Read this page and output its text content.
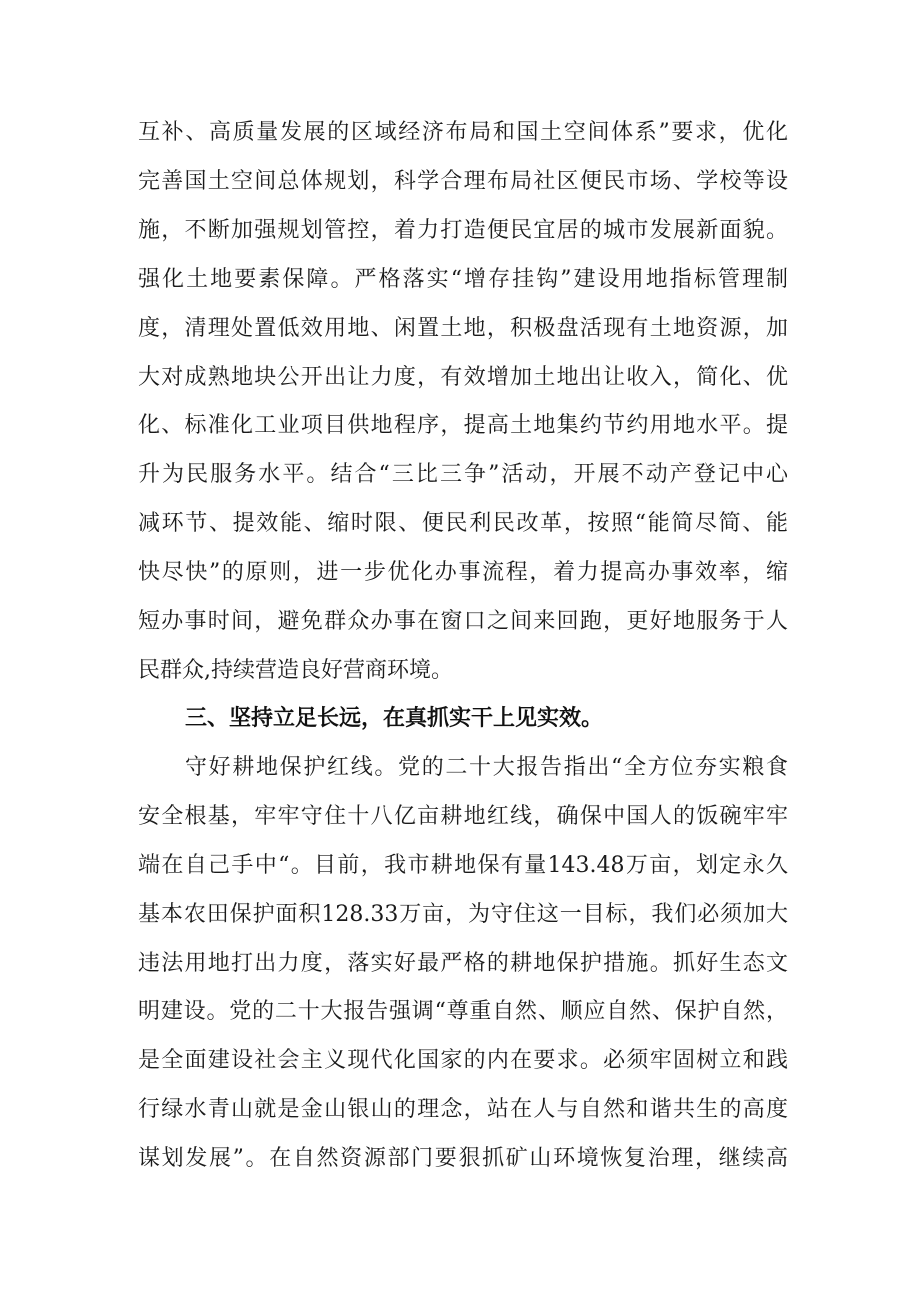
互补、高质量发展的区域经济布局和国土空间体系”要求，优化
完善国土空间总体规划，科学合理布局社区便民市场、学校等设
施，不断加强规划管控，着力打造便民宜居的城市发展新面貌。
强化土地要素保障。严格落实“增存挂钩”建设用地指标管理制
度，清理处置低效用地、闲置土地，积极盘活现有土地资源，加
大对成熟地块公开出让力度，有效增加土地出让收入，简化、优
化、标准化工业项目供地程序，提高土地集约节约用地水平。提
升为民服务水平。结合“三比三争”活动，开展不动产登记中心
减环节、提效能、缩时限、便民利民改革，按照“能简尽简、能
快尽快”的原则，进一步优化办事流程，着力提高办事效率，缩
短办事时间，避免群众办事在窗口之间来回跑，更好地服务于人
民群众,持续营造良好营商环境。
三、坚持立足长远，在真抓实干上见实效。
守好耕地保护红线。党的二十大报告指出“全方位夯实粮食
安全根基，牢牢守住十八亿亩耕地红线，确保中国人的饭碗牢牢
端在自己手中“。目前，我市耕地保有量143.48万亩，划定永久
基本农田保护面积128.33万亩，为守住这一目标，我们必须加大
违法用地打出力度，落实好最严格的耕地保护措施。抓好生态文
明建设。党的二十大报告强调“尊重自然、顺应自然、保护自然，
是全面建设社会主义现代化国家的内在要求。必须牢固树立和践
行绿水青山就是金山银山的理念，站在人与自然和谐共生的高度
谋划发展”。在自然资源部门要狠抓矿山环境恢复治理，继续高
